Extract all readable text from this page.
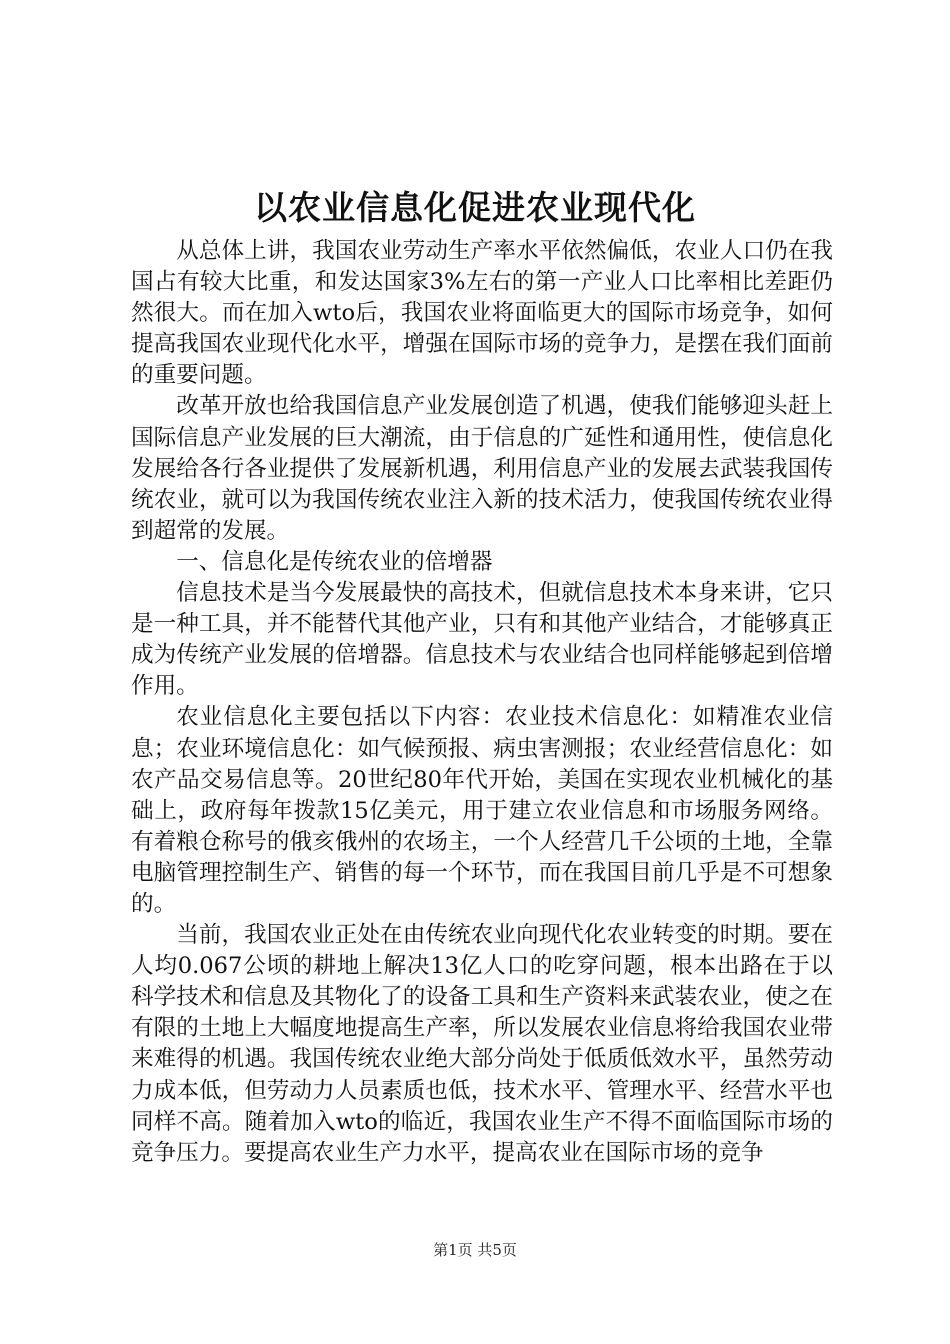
以农业信息化促进农业现代化

从总体上讲，我国农业劳动生产率水平依然偏低，农业人口仍在我国占有较大比重，和发达国家3%左右的第一产业人口比率相比差距仍然很大。而在加入wto后，我国农业将面临更大的国际市场竞争，如何提高我国农业现代化水平，增强在国际市场的竞争力，是摆在我们面前的重要问题。

改革开放也给我国信息产业发展创造了机遇，使我们能够迎头赶上国际信息产业发展的巨大潮流，由于信息的广延性和通用性，使信息化发展给各行各业提供了发展新机遇，利用信息产业的发展去武装我国传统农业，就可以为我国传统农业注入新的技术活力，使我国传统农业得到超常的发展。

一、信息化是传统农业的倍增器

信息技术是当今发展最快的高技术，但就信息技术本身来讲，它只是一种工具，并不能替代其他产业，只有和其他产业结合，才能够真正成为传统产业发展的倍增器。信息技术与农业结合也同样能够起到倍增作用。

农业信息化主要包括以下内容：农业技术信息化：如精准农业信息；农业环境信息化：如气候预报、病虫害测报；农业经营信息化：如农产品交易信息等。20世纪80年代开始，美国在实现农业机械化的基础上，政府每年拨款15亿美元，用于建立农业信息和市场服务网络。有着粮仓称号的俄亥俄州的农场主，一个人经营几千公顷的土地，全靠电脑管理控制生产、销售的每一个环节，而在我国目前几乎是不可想象的。

当前，我国农业正处在由传统农业向现代化农业转变的时期。要在人均0.067公顷的耕地上解决13亿人口的吃穿问题，根本出路在于以科学技术和信息及其物化了的设备工具和生产资料来武装农业，使之在有限的土地上大幅度地提高生产率，所以发展农业信息将给我国农业带来难得的机遇。我国传统农业绝大部分尚处于低质低效水平，虽然劳动力成本低，但劳动力人员素质也低，技术水平、管理水平、经营水平也同样不高。随着加入wto的临近，我国农业生产不得不面临国际市场的竞争压力。要提高农业生产力水平，提高农业在国际市场的竞争

第1页 共5页
